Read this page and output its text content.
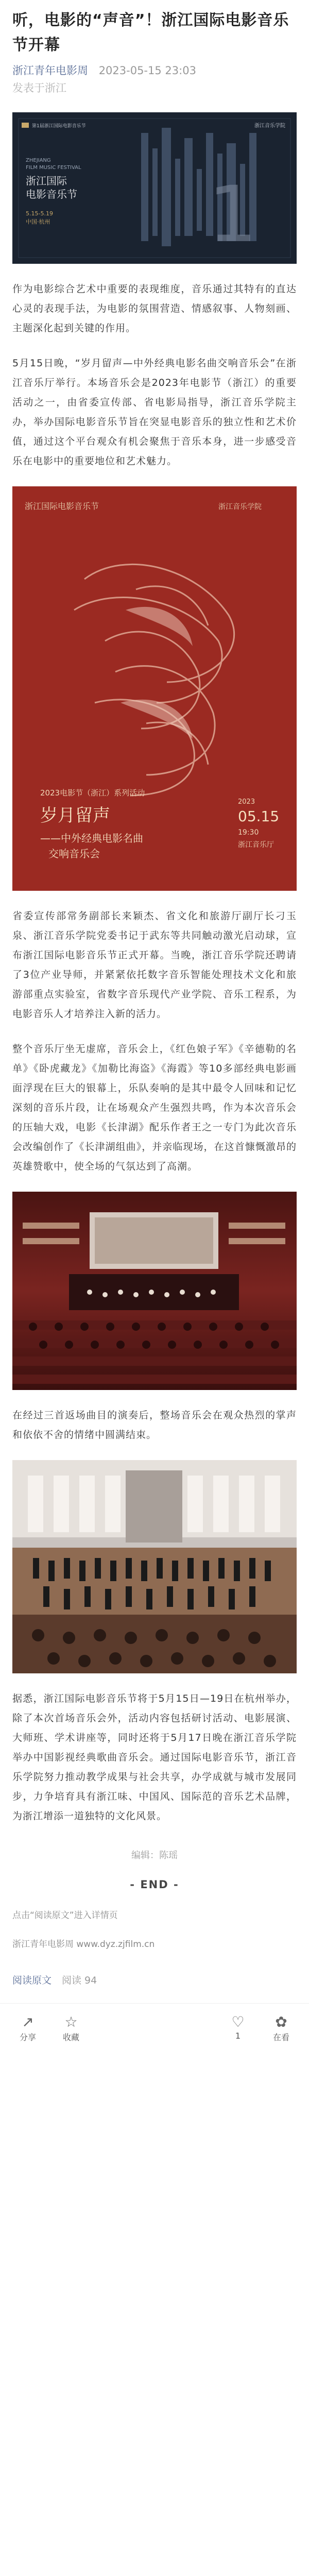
听，电影的“声音”！浙江国际电影音乐节开幕
浙江青年电影周 2023-05-15 23:03
发表于浙江
第1届浙江国际电影音乐节	浙江音乐学院
ZHEJIANG
FILM MUSIC FESTIVAL
浙江国际
电影音乐节
5.15-5.19
中国·杭州 1

作为电影综合艺术中重要的表现维度，音乐通过其特有的直达心灵的表现手法，为电影的氛围营造、情感叙事、人物刻画、主题深化起到关键的作用。

5月15日晚，“岁月留声—中外经典电影名曲交响音乐会”在浙江音乐厅举行。本场音乐会是2023年电影节（浙江）的重要活动之一，由省委宣传部、省电影局指导，浙江音乐学院主办，举办国际电影音乐节旨在突显电影音乐的独立性和艺术价值，通过这个平台观众有机会聚焦于音乐本身，进一步感受音乐在电影中的重要地位和艺术魅力。

浙江国际电影音乐节	浙江音乐学院
2023电影节（浙江）系列活动
岁月留声
——中外经典电影名曲
交响音乐会
2023
05.15
19:30
浙江音乐厅

省委宣传部常务副部长来颖杰、省文化和旅游厅副厅长刁玉泉、浙江音乐学院党委书记于武东等共同触动激光启动球，宣布浙江国际电影音乐节正式开幕。当晚，浙江音乐学院还聘请了3位产业导师，并紧紧依托数字音乐智能处理技术文化和旅游部重点实验室，省数字音乐现代产业学院、音乐工程系，为电影音乐人才培养注入新的活力。

整个音乐厅坐无虚席，音乐会上，《红色娘子军》《辛德勒的名单》《卧虎藏龙》《加勒比海盗》《海霞》等10多部经典电影画面浮现在巨大的银幕上，乐队奏响的是其中最令人回味和记忆深刻的音乐片段，让在场观众产生强烈共鸣，作为本次音乐会的压轴大戏，电影《长津湖》配乐作者王之一专门为此次音乐会改编创作了《长津湖组曲》，并亲临现场，在这首慷慨激昂的英雄赞歌中，使全场的气氛达到了高潮。

在经过三首返场曲目的演奏后，整场音乐会在观众热烈的掌声和依依不舍的情绪中圆满结束。

据悉，浙江国际电影音乐节将于5月15日—19日在杭州举办，除了本次首场音乐会外，活动内容包括研讨活动、电影展演、大师班、学术讲座等，同时还将于5月17日晚在浙江音乐学院举办中国影视经典歌曲音乐会。通过国际电影音乐节，浙江音乐学院努力推动教学成果与社会共享，办学成就与城市发展同步，力争培育具有浙江味、中国风、国际范的音乐艺术品牌，为浙江增添一道独特的文化风景。

编辑：陈瑶
- END -
点击“阅读原文”进入详情页
浙江青年电影周 www.dyz.zjfilm.cn
阅读原文 阅读 94
↗
分享
☆
收藏
♡
1
✿
在看
